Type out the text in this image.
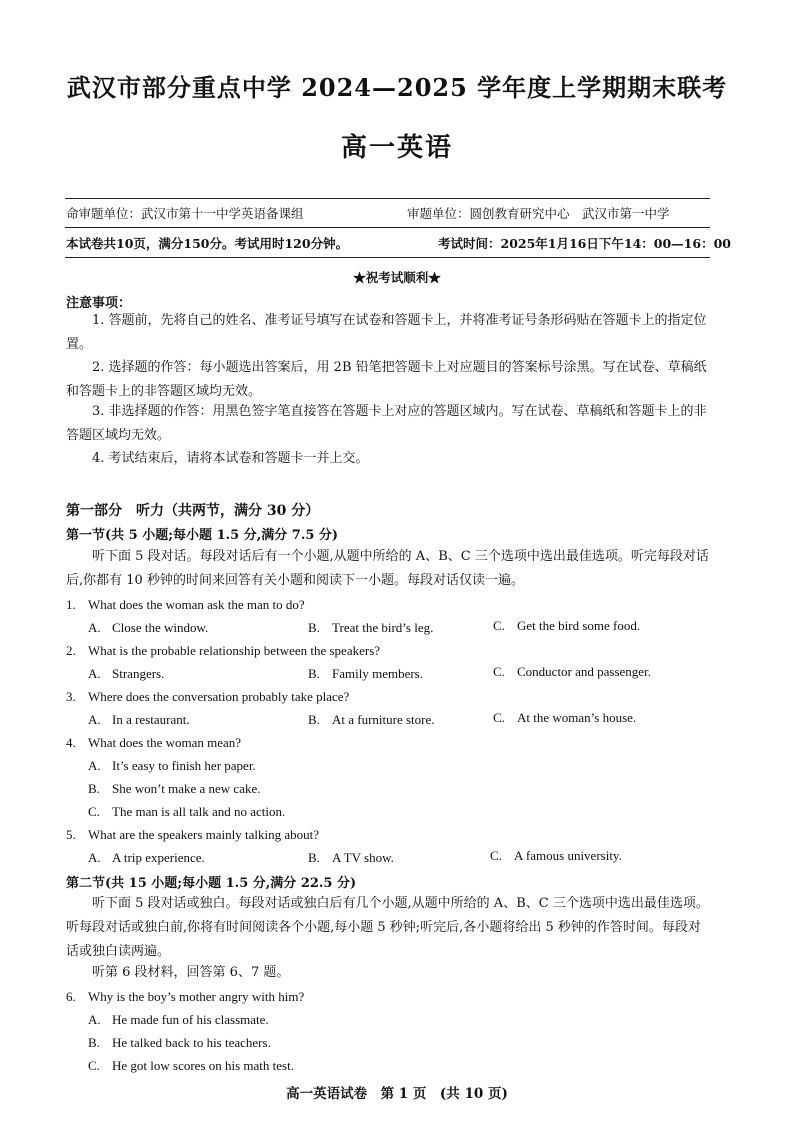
武汉市部分重点中学 2024—2025 学年度上学期期末联考
高一英语
命审题单位：武汉市第十一中学英语备课组	审题单位：圆创教育研究中心　武汉市第一中学
本试卷共10页，满分150分。考试用时120分钟。	考试时间：2025年1月16日下午14：00—16：00
★祝考试顺利★
注意事项：
1. 答题前，先将自己的姓名、准考证号填写在试卷和答题卡上，并将准考证号条形码贴在答题卡上的指定位置。
2. 选择题的作答：每小题选出答案后，用 2B 铅笔把答题卡上对应题目的答案标号涂黑。写在试卷、草稿纸和答题卡上的非答题区域均无效。
3. 非选择题的作答：用黑色签字笔直接答在答题卡上对应的答题区域内。写在试卷、草稿纸和答题卡上的非答题区域均无效。
4. 考试结束后，请将本试卷和答题卡一并上交。
第一部分　听力（共两节，满分 30 分）
第一节(共 5 小题;每小题 1.5 分,满分 7.5 分)
听下面 5 段对话。每段对话后有一个小题,从题中所给的 A、B、C 三个选项中选出最佳选项。听完每段对话后,你都有 10 秒钟的时间来回答有关小题和阅读下一小题。每段对话仅读一遍。
1. What does the woman ask the man to do?
A. Close the window.	B. Treat the bird’s leg.	C. Get the bird some food.
2. What is the probable relationship between the speakers?
A. Strangers.	B. Family members.	C. Conductor and passenger.
3. Where does the conversation probably take place?
A. In a restaurant.	B. At a furniture store.	C. At the woman’s house.
4. What does the woman mean?
A. It’s easy to finish her paper.
B. She won’t make a new cake.
C. The man is all talk and no action.
5. What are the speakers mainly talking about?
A. A trip experience.	B. A TV show.	C. A famous university.
第二节(共 15 小题;每小题 1.5 分,满分 22.5 分)
听下面 5 段对话或独白。每段对话或独白后有几个小题,从题中所给的 A、B、C 三个选项中选出最佳选项。听每段对话或独白前,你将有时间阅读各个小题,每小题 5 秒钟;听完后,各小题将给出 5 秒钟的作答时间。每段对话或独白读两遍。
听第 6 段材料，回答第 6、7 题。
6. Why is the boy’s mother angry with him?
A. He made fun of his classmate.
B. He talked back to his teachers.
C. He got low scores on his math test.
高一英语试卷　第 1 页　(共 10 页)
